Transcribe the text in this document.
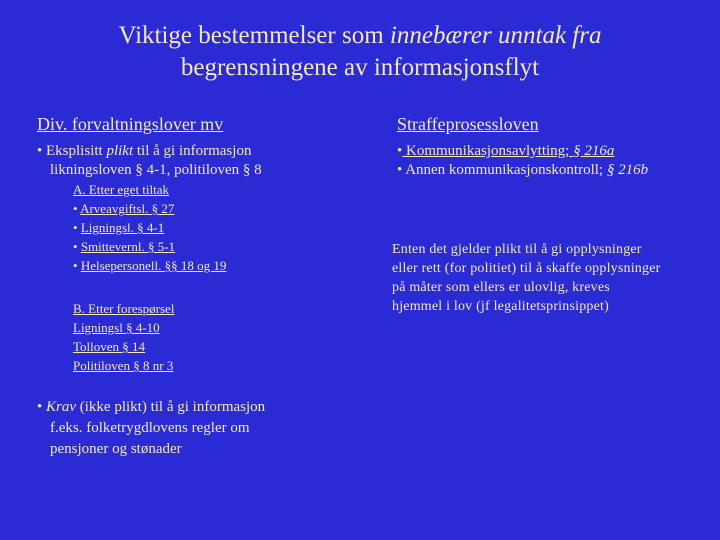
Viktige bestemmelser som innebærer unntak fra
begrensningene av informasjonsflyt
Div. forvaltningslover mv
• Eksplisitt plikt til å gi informasjon
likningsloven § 4-1, politiloven § 8
A. Etter eget tiltak
• Arveavgiftsl. § 27
• Ligningsl. § 4-1
• Smittevernl. § 5-1
• Helsepersonell. §§ 18 og 19
B. Etter forespørsel
Ligningsl § 4-10
Tolloven § 14
Politiloven § 8 nr 3
• Krav (ikke plikt) til å gi informasjon
f.eks. folketrygdlovens regler om
pensjoner og stønader
Straffeprosessloven
• Kommunikasjonsavlytting; § 216a
• Annen kommunikasjonskontroll; § 216b
Enten det gjelder plikt til å gi opplysninger
eller rett (for politiet) til å skaffe opplysninger
på måter som ellers er ulovlig, kreves
hjemmel i lov (jf legalitetsprinsippet)
